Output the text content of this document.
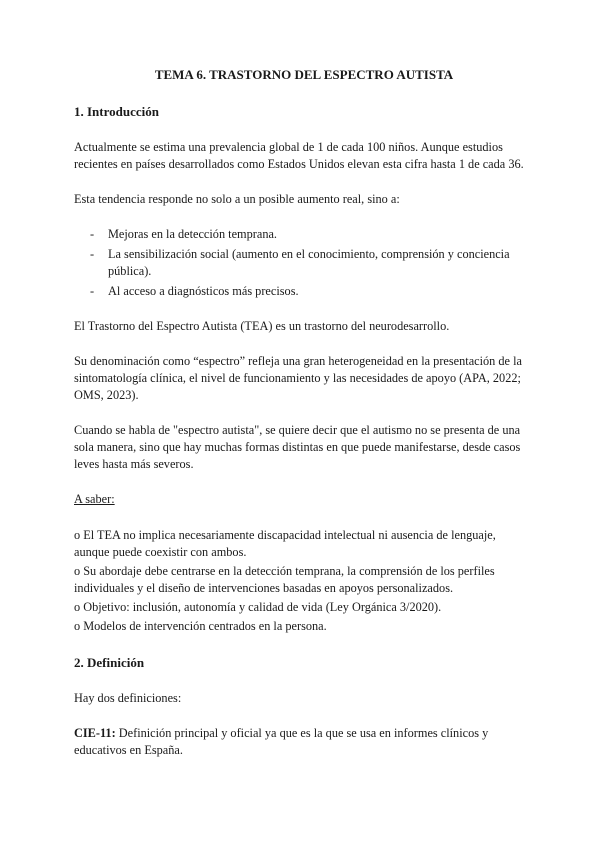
TEMA 6. TRASTORNO DEL ESPECTRO AUTISTA
1. Introducción

Actualmente se estima una prevalencia global de 1 de cada 100 niños. Aunque estudios recientes en países desarrollados como Estados Unidos elevan esta cifra hasta 1 de cada 36.

Esta tendencia responde no solo a un posible aumento real, sino a:

- Mejoras en la detección temprana.
- La sensibilización social (aumento en el conocimiento, comprensión y conciencia pública).
- Al acceso a diagnósticos más precisos.

El Trastorno del Espectro Autista (TEA) es un trastorno del neurodesarrollo.

Su denominación como “espectro” refleja una gran heterogeneidad en la presentación de la sintomatología clínica, el nivel de funcionamiento y las necesidades de apoyo (APA, 2022; OMS, 2023).

Cuando se habla de "espectro autista", se quiere decir que el autismo no se presenta de una sola manera, sino que hay muchas formas distintas en que puede manifestarse, desde casos leves hasta más severos.

A saber:

o El TEA no implica necesariamente discapacidad intelectual ni ausencia de lenguaje, aunque puede coexistir con ambos.

o Su abordaje debe centrarse en la detección temprana, la comprensión de los perfiles individuales y el diseño de intervenciones basadas en apoyos personalizados.

o Objetivo: inclusión, autonomía y calidad de vida (Ley Orgánica 3/2020).

o Modelos de intervención centrados en la persona.

2. Definición

Hay dos definiciones:

CIE-11: Definición principal y oficial ya que es la que se usa en informes clínicos y educativos en España.
